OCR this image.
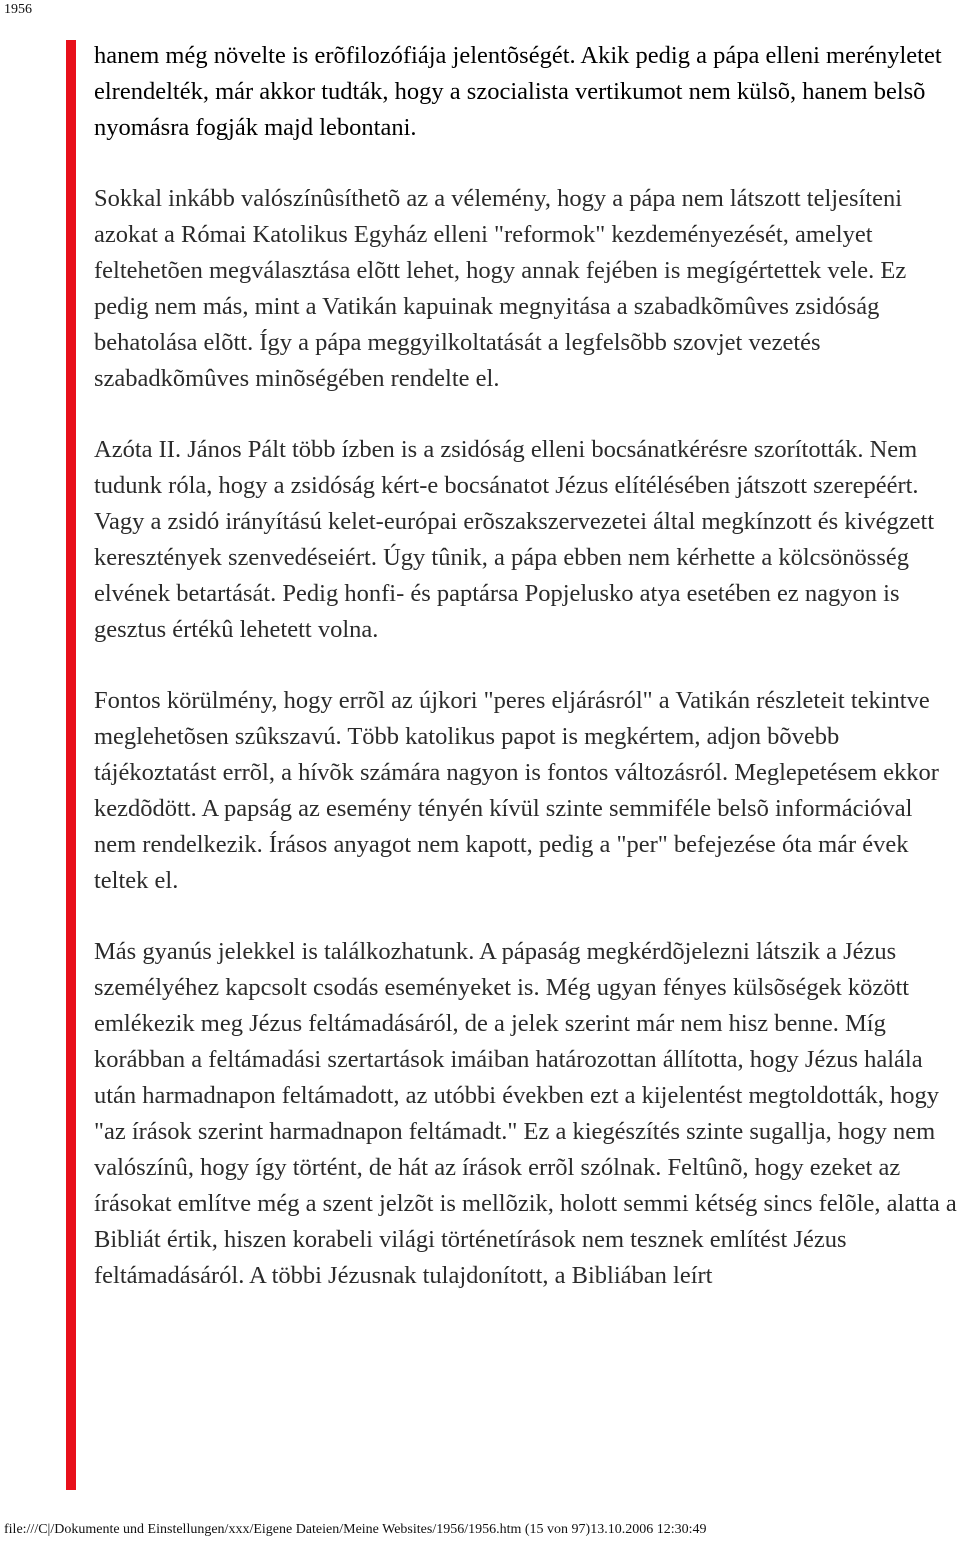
1956

hanem még növelte is erõfilozófiája jelentõségét. Akik pedig a pápa elleni merényletet elrendelték, már akkor tudták, hogy a szocialista vertikumot nem külsõ, hanem belsõ nyomásra fogják majd lebontani.

Sokkal inkább valószínûsíthetõ az a vélemény, hogy a pápa nem látszott teljesíteni azokat a Római Katolikus Egyház elleni "reformok" kezdeményezését, amelyet feltehetõen megválasztása elõtt lehet, hogy annak fejében is megígértettek vele. Ez pedig nem más, mint a Vatikán kapuinak megnyitása a szabadkõmûves zsidóság behatolása elõtt. Így a pápa meggyilkoltatását a legfelsõbb szovjet vezetés szabadkõmûves minõségében rendelte el.

Azóta II. János Pált több ízben is a zsidóság elleni bocsánatkérésre szorították. Nem tudunk róla, hogy a zsidóság kért-e bocsánatot Jézus elítélésében játszott szerepéért. Vagy a zsidó irányítású kelet-európai erõszakszervezetei által megkínzott és kivégzett keresztények szenvedéseiért. Úgy tûnik, a pápa ebben nem kérhette a kölcsönösség elvének betartását. Pedig honfi- és paptársa Popjelusko atya esetében ez nagyon is gesztus értékû lehetett volna.

Fontos körülmény, hogy errõl az újkori "peres eljárásról" a Vatikán részleteit tekintve meglehetõsen szûkszavú. Több katolikus papot is megkértem, adjon bõvebb tájékoztatást errõl, a hívõk számára nagyon is fontos változásról. Meglepetésem ekkor kezdõdött. A papság az esemény tényén kívül szinte semmiféle belsõ információval nem rendelkezik. Írásos anyagot nem kapott, pedig a "per" befejezése óta már évek teltek el.

Más gyanús jelekkel is találkozhatunk. A pápaság megkérdõjelezni látszik a Jézus személyéhez kapcsolt csodás eseményeket is. Még ugyan fényes külsõségek között emlékezik meg Jézus feltámadásáról, de a jelek szerint már nem hisz benne. Míg korábban a feltámadási szertartások imáiban határozottan állította, hogy Jézus halála után harmadnapon feltámadott, az utóbbi években ezt a kijelentést megtoldották, hogy "az írások szerint harmadnapon feltámadt." Ez a kiegészítés szinte sugallja, hogy nem valószínû, hogy így történt, de hát az írások errõl szólnak. Feltûnõ, hogy ezeket az írásokat említve még a szent jelzõt is mellõzik, holott semmi kétség sincs felõle, alatta a Bibliát értik, hiszen korabeli világi történetírások nem tesznek említést Jézus feltámadásáról. A többi Jézusnak tulajdonított, a Bibliában leírt

file:///C|/Dokumente und Einstellungen/xxx/Eigene Dateien/Meine Websites/1956/1956.htm (15 von 97)13.10.2006 12:30:49
